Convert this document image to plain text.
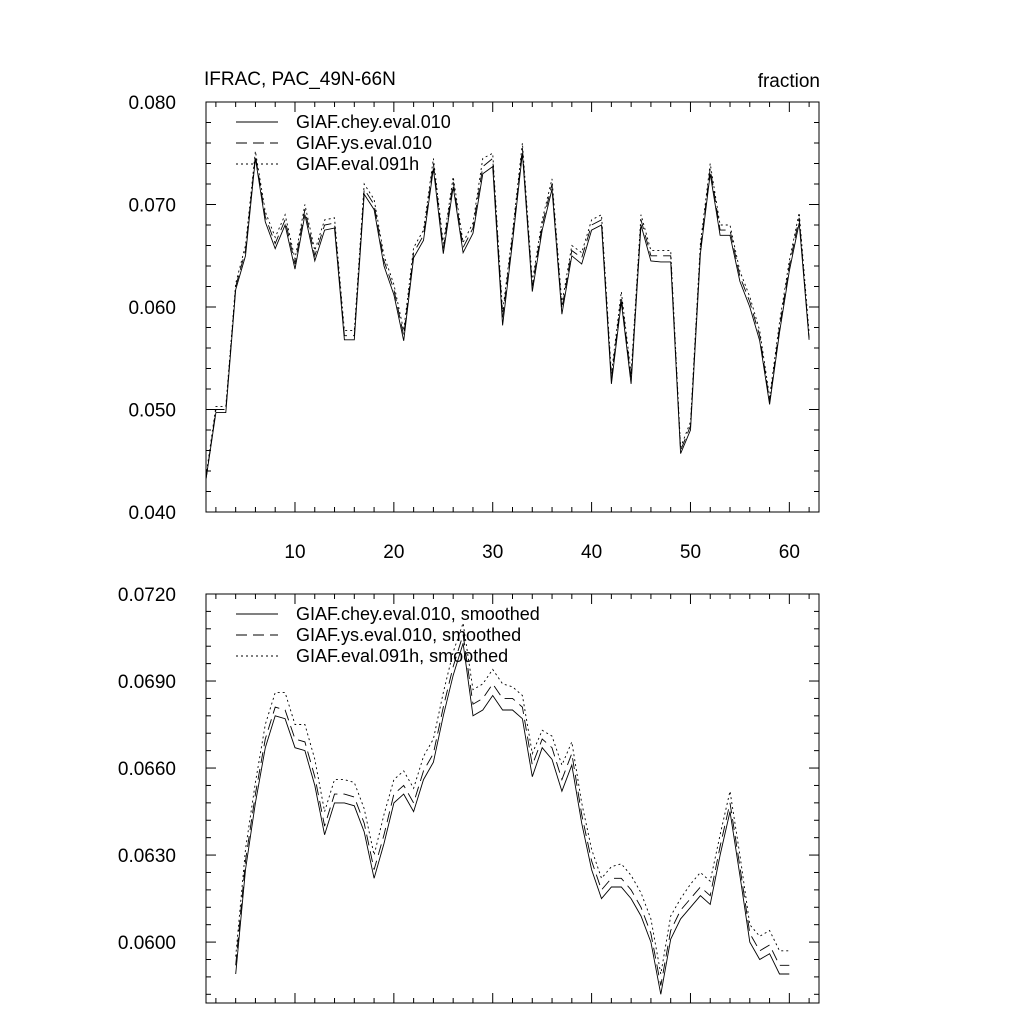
IFRAC, PAC_49N-66N	fraction
0.040
0.050
0.060
0.070
0.080
10	20	30	40	50	60
GIAF.chey.eval.010
GIAF.ys.eval.010
GIAF.eval.091h
0.0600
0.0630
0.0660
0.0690
0.0720
GIAF.chey.eval.010, smoothed
GIAF.ys.eval.010, smoothed
GIAF.eval.091h, smoothed
